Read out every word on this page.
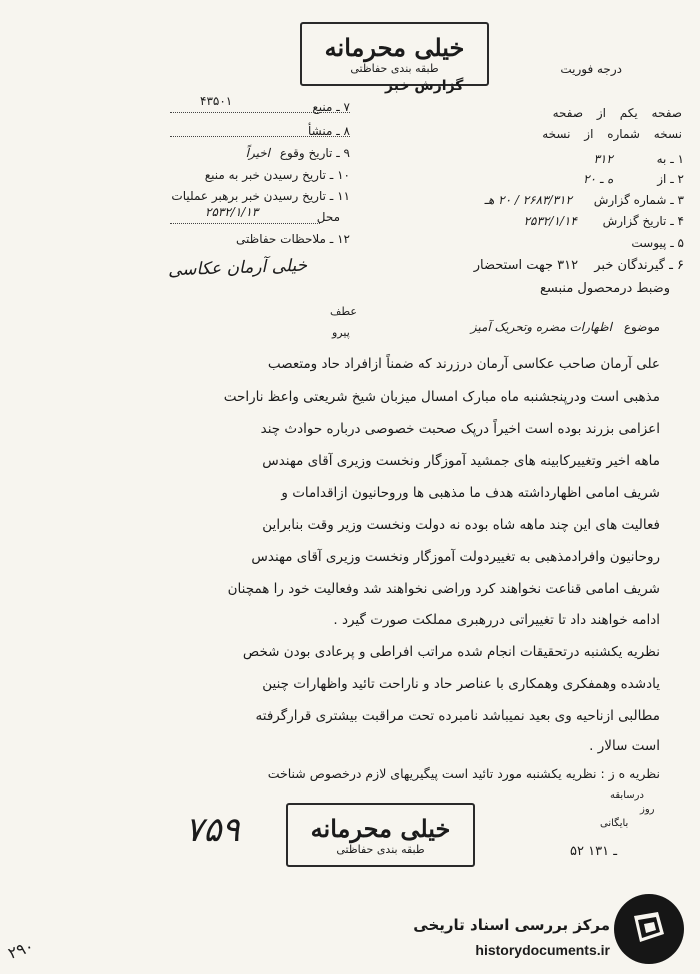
خیلی محرمانه
طبقه بندی حفاظتی	درجه فوریت
گزارش خبر
صفحه یکم از صفحه
نسخه شماره از نسخه
۱ ـ به ۳۱۲
۲ ـ از ه ـ ۲۰
۳ ـ شماره گزارش ۲۶۸۳/۳۱۲ / ۲۰ هـ
۴ ـ تاریخ گزارش ۲۵۳۲/۱/۱۴
۵ ـ پیوست
۶ ـ گیرندگان خبر ۳۱۲ جهت استحضار
وضبط درمحصول منبسع
۷ ـ منبع
۴۳۵۰۱
۸ ـ منشأ
۹ ـ تاریخ وقوع اخیراً
۱۰ ـ تاریخ رسیدن خبر به منبع
۱۱ ـ تاریخ رسیدن خبر برهبر عملیات
محل
۲۵۳۲/۱/۱۳
۱۲ ـ ملاحظات حفاظتی
خیلی آرمان عکاسی
عطف
پیرو	موضوع اظهارات مضره وتحریک آمیز
علی آرمان صاحب عکاسی آرمان درزرند که ضمناً ازافراد حاد ومتعصب
مذهبی است ودرپنجشنبه ماه مبارک امسال میزبان شیخ شریعتی واعظ ناراحت
اعزامی بزرند بوده است اخیراً درپک صحبت خصوصی درباره حوادث چند
ماهه اخیر وتغییرکابینه های جمشید آموزگار ونخست وزیری آقای مهندس
شریف امامی اظهارداشته هدف ما مذهبی ها وروحانیون ازاقدامات و
فعالیت های این چند ماهه شاه بوده نه دولت ونخست وزیر وقت بنابراین
روحانیون وافرادمذهبی به تغییردولت آموزگار ونخست وزیری آقای مهندس
شریف امامی قناعت نخواهند کرد وراضی نخواهند شد وفعالیت خود را همچنان
ادامه خواهند داد تا تغییراتی دررهبری مملکت صورت گیرد .
نظریه یکشنبه درتحقیقات انجام شده مراتب افراطی و پرعادی بودن شخص
یادشده وهمفکری وهمکاری با عناصر حاد و ناراحت تائید واظهارات چنین
مطالبی ازناحیه وی بعید نمیباشد نامبرده تحت مراقبت بیشتری قرارگرفته
است سالار .
نظریه ه ز : نظریه یکشنبه مورد تائید است پیگیریهای لازم درخصوص شناخت
درسابقه
روز
بایگانی
خیلی محرمانه
طبقه بندی حفاظتی
۷۵۹
۵۲ ـ ۱۳۱
مرکز بررسی اسناد تاریخی
historydocuments.ir
۲۹۰
